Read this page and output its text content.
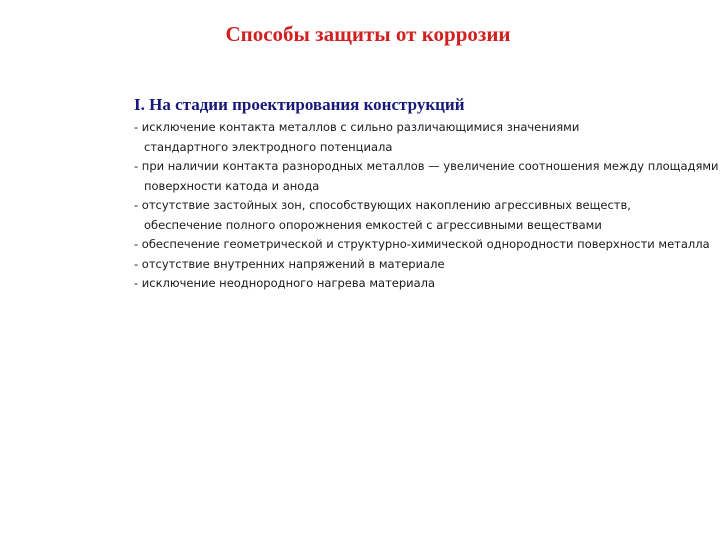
Способы защиты от коррозии
I. На стадии проектирования конструкций
- исключение контакта металлов с сильно различающимися значениями
стандартного электродного потенциала
- при наличии контакта разнородных металлов — увеличение соотношения между площадями
поверхности катода и анода
- отсутствие застойных зон, способствующих накоплению агрессивных веществ,
обеспечение полного опорожнения емкостей с агрессивными веществами
- обеспечение геометрической и структурно-химической однородности поверхности металла
- отсутствие внутренних напряжений в материале
- исключение неоднородного нагрева материала
